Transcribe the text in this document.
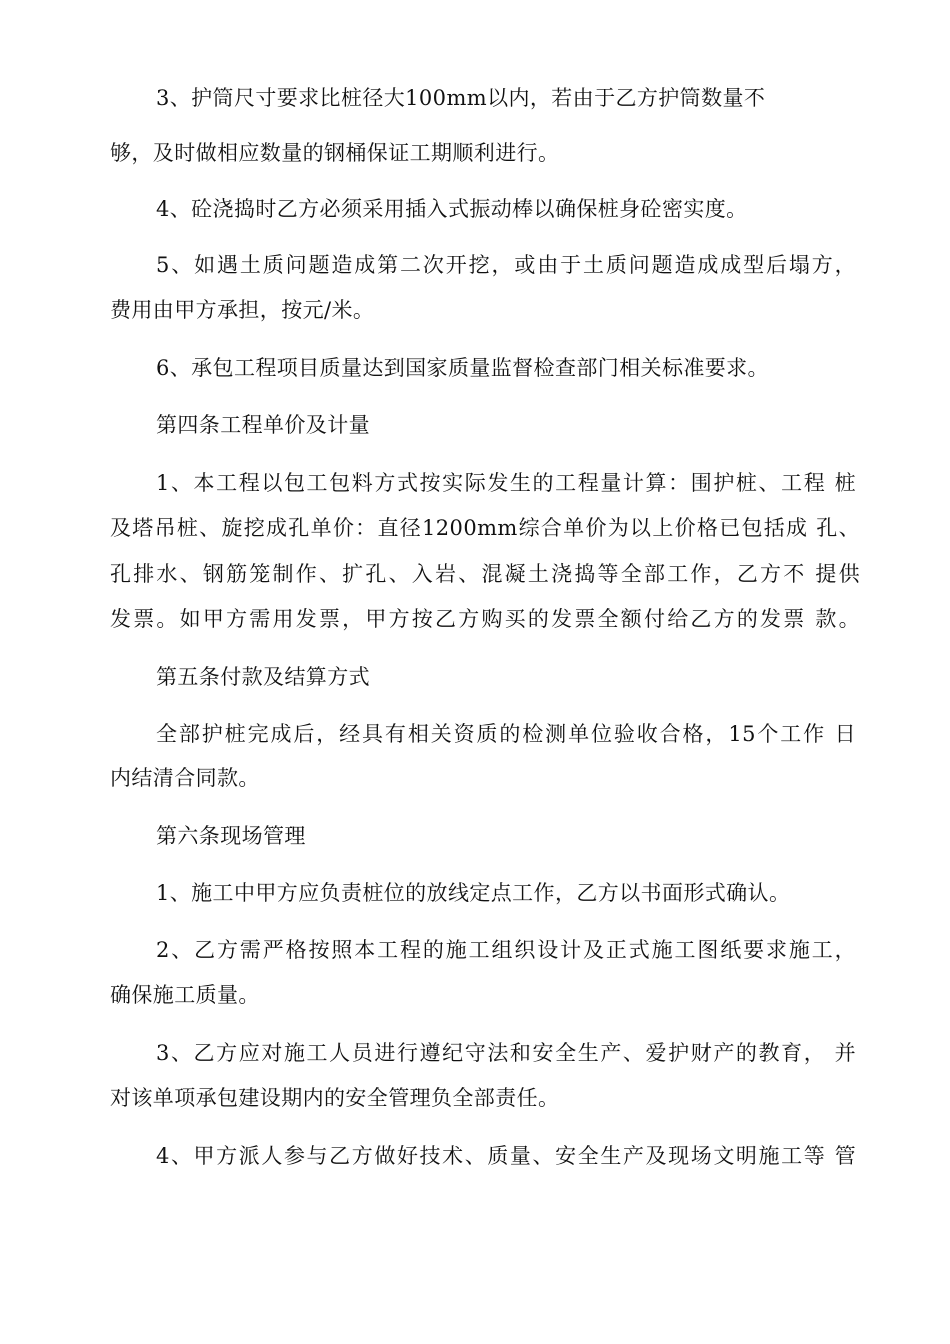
3、护筒尺寸要求比桩径大100mm以内，若由于乙方护筒数量不
够，及时做相应数量的钢桶保证工期顺利进行。
4、砼浇捣时乙方必须采用插入式振动棒以确保桩身砼密实度。
5、如遇土质问题造成第二次开挖，或由于土质问题造成成型后塌方，
费用由甲方承担，按元/米。
6、承包工程项目质量达到国家质量监督检查部门相关标准要求。
第四条工程单价及计量
1、本工程以包工包料方式按实际发生的工程量计算：围护桩、工程 桩
及塔吊桩、旋挖成孔单价：直径1200mm综合单价为以上价格已包括成 孔、
孔排水、钢筋笼制作、扩孔、入岩、混凝土浇捣等全部工作，乙方不 提供
发票。如甲方需用发票，甲方按乙方购买的发票全额付给乙方的发票 款。
第五条付款及结算方式
全部护桩完成后，经具有相关资质的检测单位验收合格，15个工作 日
内结清合同款。
第六条现场管理
1、施工中甲方应负责桩位的放线定点工作，乙方以书面形式确认。
2、乙方需严格按照本工程的施工组织设计及正式施工图纸要求施工，
确保施工质量。
3、乙方应对施工人员进行遵纪守法和安全生产、爱护财产的教育， 并
对该单项承包建设期内的安全管理负全部责任。
4、甲方派人参与乙方做好技术、质量、安全生产及现场文明施工等 管
